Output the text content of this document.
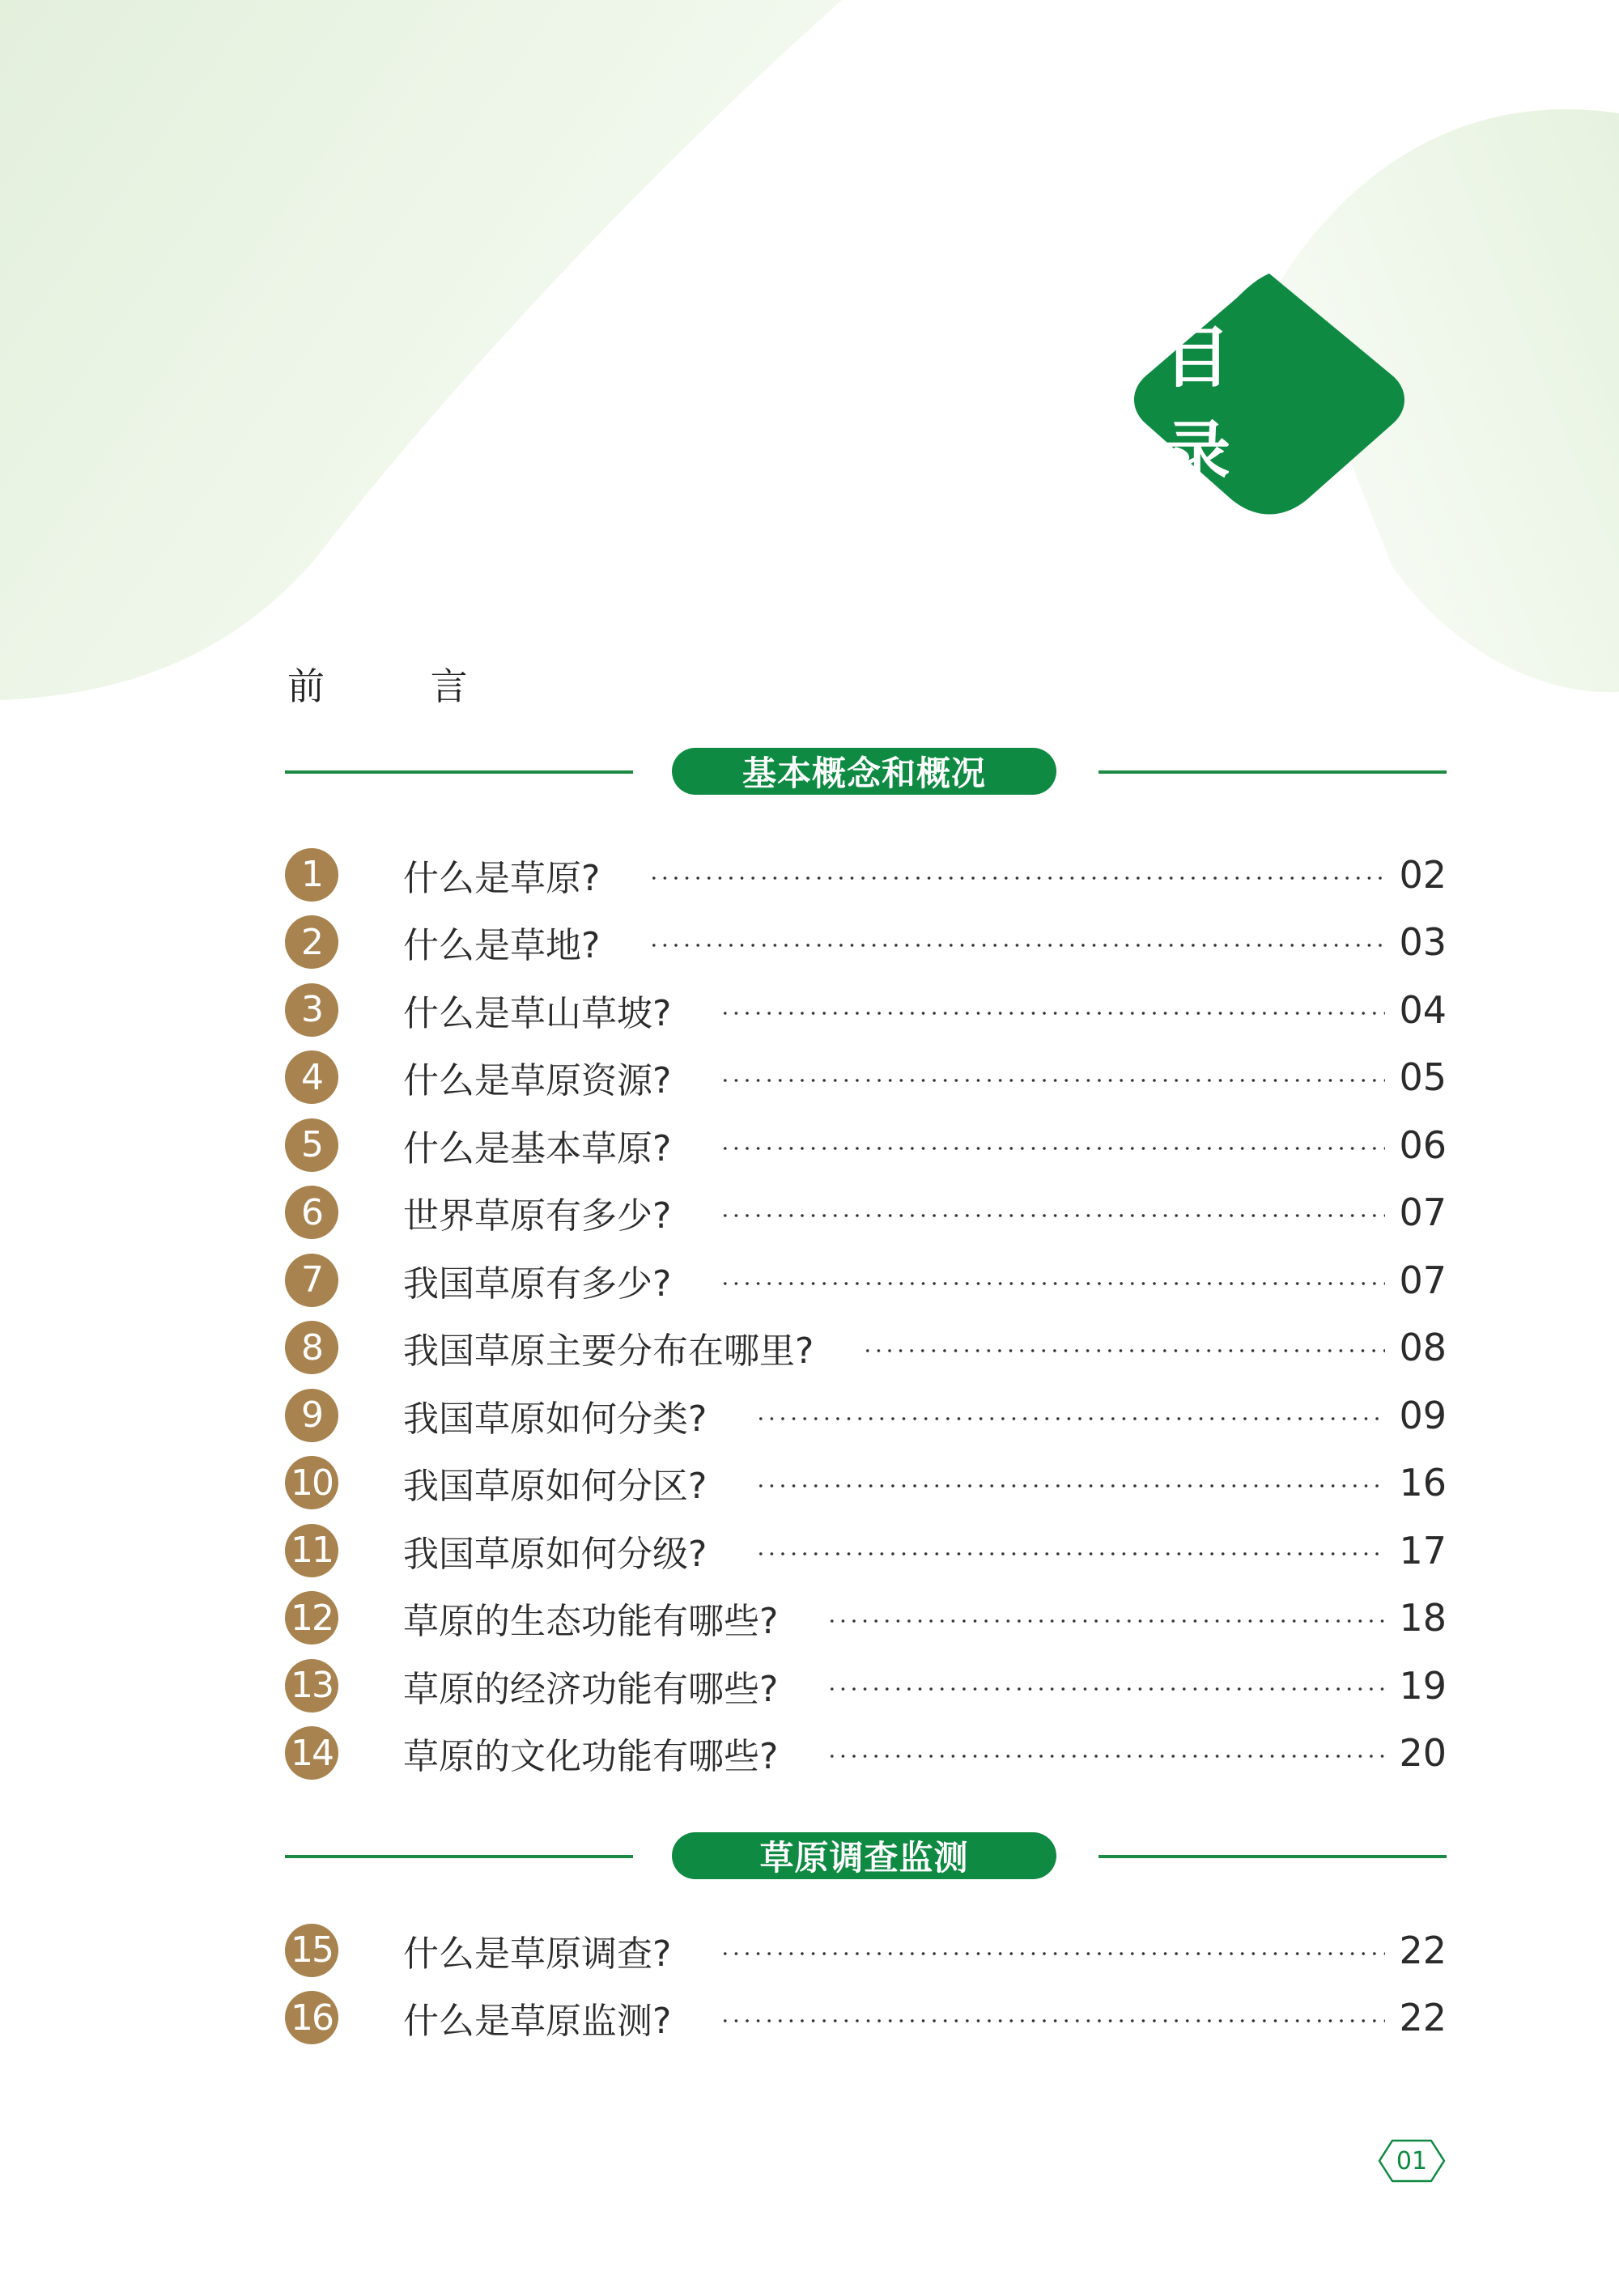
目 录
前 言
基本概念和概况
1	什么是草原?	02
2	什么是草地?	03
3	什么是草山草坡?	04
4	什么是草原资源?	05
5	什么是基本草原?	06
6	世界草原有多少?	07
7	我国草原有多少?	07
8	我国草原主要分布在哪里?	08
9	我国草原如何分类?	09
10 我国草原如何分区?	16
11 我国草原如何分级?	17
12 草原的生态功能有哪些?	18
13 草原的经济功能有哪些?	19
14 草原的文化功能有哪些?	20
草原调查监测
15 什么是草原调查?	22
16 什么是草原监测?	22
01
